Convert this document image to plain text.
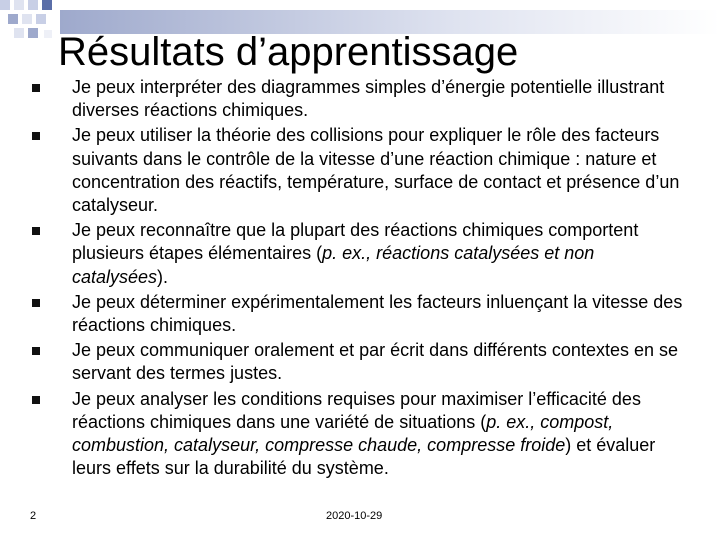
Résultats d’apprentissage
Je peux interpréter des diagrammes simples d’énergie potentielle illustrant diverses réactions chimiques.
Je peux utiliser la théorie des collisions pour expliquer le rôle des facteurs suivants dans le contrôle de la vitesse d’une réaction chimique : nature et concentration des réactifs, température, surface de contact et présence d’un catalyseur.
Je peux reconnaître que la plupart des réactions chimiques comportent plusieurs étapes élémentaires (p. ex., réactions catalysées et non catalysées).
Je peux déterminer expérimentalement les facteurs inluençant la vitesse des réactions chimiques.
Je peux communiquer oralement et par écrit dans différents contextes en se servant des termes justes.
Je peux analyser les conditions requises pour maximiser l’efficacité des réactions chimiques dans une variété de situations (p. ex., compost, combustion, catalyseur, compresse chaude, compresse froide) et évaluer leurs effets sur la durabilité du système.
2	2020-10-29
